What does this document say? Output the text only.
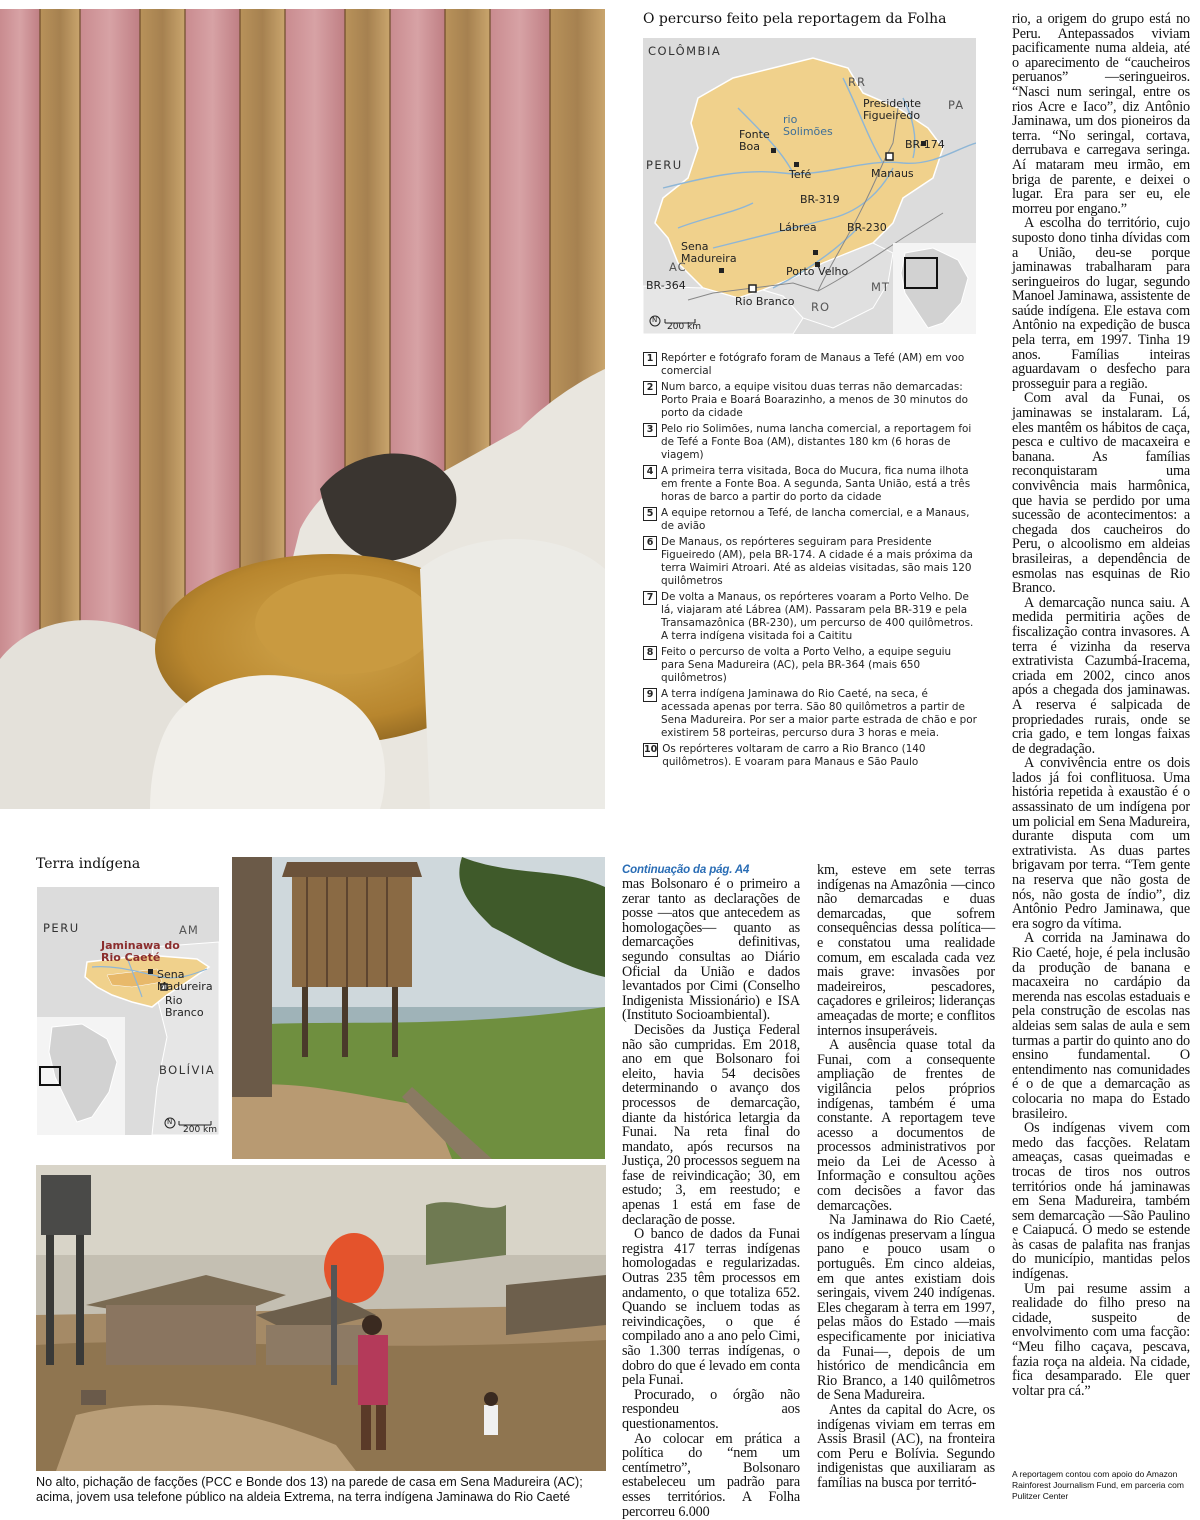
O percurso feito pela reportagem da Folha
COLÔMBIA
PERU
RR
PA
AC
RO
MT
rio Solimões
Fonte Boa
Tefé	Manaus
Presidente Figueiredo
Lábrea
Porto Velho
Sena Madureira
Rio Branco
BR-174
BR-319
BR-230
BR-364
N
200 km
1 Repórter e fotógrafo foram de Manaus a Tefé (AM) em voo comercial
2 Num barco, a equipe visitou duas terras não demarcadas: Porto Praia e Boará Boarazinho, a menos de 30 minutos do porto da cidade
3 Pelo rio Solimões, numa lancha comercial, a reportagem foi de Tefé a Fonte Boa (AM), distantes 180 km (6 horas de viagem)
4 A primeira terra visitada, Boca do Mucura, fica numa ilhota em frente a Fonte Boa. A segunda, Santa União, está a três horas de barco a partir do porto da cidade
5 A equipe retornou a Tefé, de lancha comercial, e a Manaus, de avião
6 De Manaus, os repórteres seguiram para Presidente Figueiredo (AM), pela BR-174. A cidade é a mais próxima da terra Waimiri Atroari. Até as aldeias visitadas, são mais 120 quilômetros
7 De volta a Manaus, os repórteres voaram a Porto Velho. De lá, viajaram até Lábrea (AM). Passaram pela BR-319 e pela Transamazônica (BR-230), um percurso de 400 quilômetros. A terra indígena visitada foi a Caititu
8 Feito o percurso de volta a Porto Velho, a equipe seguiu para Sena Madureira (AC), pela BR-364 (mais 650 quilômetros)
9 A terra indígena Jaminawa do Rio Caeté, na seca, é acessada apenas por terra. São 80 quilômetros a partir de Sena Madureira. Por ser a maior parte estrada de chão e por existirem 58 porteiras, percurso dura 3 horas e meia.
10 Os repórteres voltaram de carro a Rio Branco (140 quilômetros). E voaram para Manaus e São Paulo

rio, a origem do grupo está no Peru. Antepassados viviam pacificamente numa aldeia, até o aparecimento de “caucheiros peruanos” —seringueiros. “Nasci num seringal, entre os rios Acre e Iaco”, diz Antônio Jaminawa, um dos pioneiros da terra. “No seringal, cortava, derrubava e carregava seringa. Aí mataram meu irmão, em briga de parente, e deixei o lugar. Era para ser eu, ele morreu por engano.”

A escolha do território, cujo suposto dono tinha dívidas com a União, deu-se porque jaminawas trabalharam para seringueiros do lugar, segundo Manoel Jaminawa, assistente de saúde indígena. Ele estava com Antônio na expedição de busca pela terra, em 1997. Tinha 19 anos. Famílias inteiras aguardavam o desfecho para prosseguir para a região.

Com aval da Funai, os jaminawas se instalaram. Lá, eles mantêm os hábitos de caça, pesca e cultivo de macaxeira e banana. As famílias reconquistaram uma convivência mais harmônica, que havia se perdido por uma sucessão de acontecimentos: a chegada dos caucheiros do Peru, o alcoolismo em aldeias brasileiras, a dependência de esmolas nas esquinas de Rio Branco.

A demarcação nunca saiu. A medida permitiria ações de fiscalização contra invasores. A terra é vizinha da reserva extrativista Cazumbá-Iracema, criada em 2002, cinco anos após a chegada dos jaminawas. A reserva é salpicada de propriedades rurais, onde se cria gado, e tem longas faixas de degradação.

A convivência entre os dois lados já foi conflituosa. Uma história repetida à exaustão é o assassinato de um indígena por um policial em Sena Madureira, durante disputa com um extrativista. As duas partes brigavam por terra. “Tem gente na reserva que não gosta de nós, não gosta de índio”, diz Antônio Pedro Jaminawa, que era sogro da vítima.

A corrida na Jaminawa do Rio Caeté, hoje, é pela inclusão da produção de banana e macaxeira no cardápio da merenda nas escolas estaduais e pela construção de escolas nas aldeias sem salas de aula e sem turmas a partir do quinto ano do ensino fundamental. O entendimento nas comunidades é o de que a demarcação as colocaria no mapa do Estado brasileiro.

Os indígenas vivem com medo das facções. Relatam ameaças, casas queimadas e trocas de tiros nos outros territórios onde há jaminawas em Sena Madureira, também sem demarcação —São Paulino e Caiapucá. O medo se estende às casas de palafita nas franjas do município, mantidas pelos indígenas.

Um pai resume assim a realidade do filho preso na cidade, suspeito de envolvimento com uma facção: “Meu filho caçava, pescava, fazia roça na aldeia. Na cidade, fica desamparado. Ele quer voltar pra cá.”

Terra indígena
PERU
BOLÍVIA
AM
Jaminawa do Rio Caeté
Sena Madureira
Rio Branco
N
200 km
No alto, pichação de facções (PCC e Bonde dos 13) na parede de casa em Sena Madureira (AC); acima, jovem usa telefone público na aldeia Extrema, na terra indígena Jaminawa do Rio Caeté
Continuação da pág. A4

mas Bolsonaro é o primeiro a zerar tanto as declarações de posse —atos que antecedem as homologações— quanto as demarcações definitivas, segundo consultas ao Diário Oficial da União e dados levantados por Cimi (Conselho Indigenista Missionário) e ISA (Instituto Socioambiental).

Decisões da Justiça Federal não são cumpridas. Em 2018, ano em que Bolsonaro foi eleito, havia 54 decisões determinando o avanço dos processos de demarcação, diante da histórica letargia da Funai. Na reta final do mandato, após recursos na Justiça, 20 processos seguem na fase de reivindicação; 30, em estudo; 3, em reestudo; e apenas 1 está em fase de declaração de posse.

O banco de dados da Funai registra 417 terras indígenas homologadas e regularizadas. Outras 235 têm processos em andamento, o que totaliza 652. Quando se incluem todas as reivindicações, o que é compilado ano a ano pelo Cimi, são 1.300 terras indígenas, o dobro do que é levado em conta pela Funai.

Procurado, o órgão não respondeu aos questionamentos.

Ao colocar em prática a política do “nem um centímetro”, Bolsonaro estabeleceu um padrão para esses territórios. A Folha percorreu 6.000

km, esteve em sete terras indígenas na Amazônia —cinco não demarcadas e duas demarcadas, que sofrem consequências dessa política— e constatou uma realidade comum, em escalada cada vez mais grave: invasões por madeireiros, pescadores, caçadores e grileiros; lideranças ameaçadas de morte; e conflitos internos insuperáveis.

A ausência quase total da Funai, com a consequente ampliação de frentes de vigilância pelos próprios indígenas, também é uma constante. A reportagem teve acesso a documentos de processos administrativos por meio da Lei de Acesso à Informação e consultou ações com decisões a favor das demarcações.

Na Jaminawa do Rio Caeté, os indígenas preservam a língua pano e pouco usam o português. Em cinco aldeias, em que antes existiam dois seringais, vivem 240 indígenas. Eles chegaram à terra em 1997, pelas mãos do Estado —mais especificamente por iniciativa da Funai—, depois de um histórico de mendicância em Rio Branco, a 140 quilômetros de Sena Madureira.

Antes da capital do Acre, os indígenas viviam em terras em Assis Brasil (AC), na fronteira com Peru e Bolívia. Segundo indigenistas que auxiliaram as famílias na busca por territó-

A reportagem contou com apoio do Amazon Rainforest Journalism Fund, em parceria com Pulitzer Center
